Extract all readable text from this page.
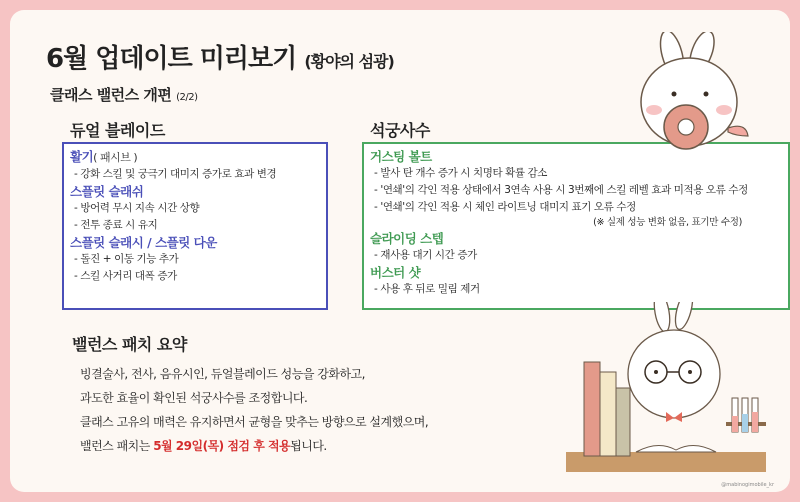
6월 업데이트 미리보기 (황야의 섬광)
클래스 밸런스 개편 (2/2)
듀얼 블레이드
활기( 패시브 )
- 강화 스킬 및 궁극기 대미지 증가로 효과 변경
스플릿 슬래쉬
- 방어력 무시 지속 시간 상향
- 전투 종료 시 유지
스플릿 슬래시 / 스플릿 다운
- 돌진 + 이동 기능 추가
- 스킬 사거리 대폭 증가
석궁사수
거스팅 볼트
- 발사 탄 개수 증가 시 치명타 확률 감소
- '연쇄'의 각인 적용 상태에서 3연속 사용 시 3번째에 스킬 레벨 효과 미적용 오류 수정
- '연쇄'의 각인 적용 시 체인 라이트닝 대미지 표기 오류 수정
(※ 실제 성능 변화 없음, 표기만 수정)
슬라이딩 스텝
- 재사용 대기 시간 증가
버스터 샷
- 사용 후 뒤로 밀림 제거
밸런스 패치 요약
빙결술사, 전사, 음유시인, 듀얼블레이드 성능을 강화하고,
과도한 효율이 확인된 석궁사수를 조정합니다.
클래스 고유의 매력은 유지하면서 균형을 맞추는 방향으로 설계했으며,
밸런스 패치는 5월 29일(목) 점검 후 적용됩니다.
@mabinogimobile_kr
